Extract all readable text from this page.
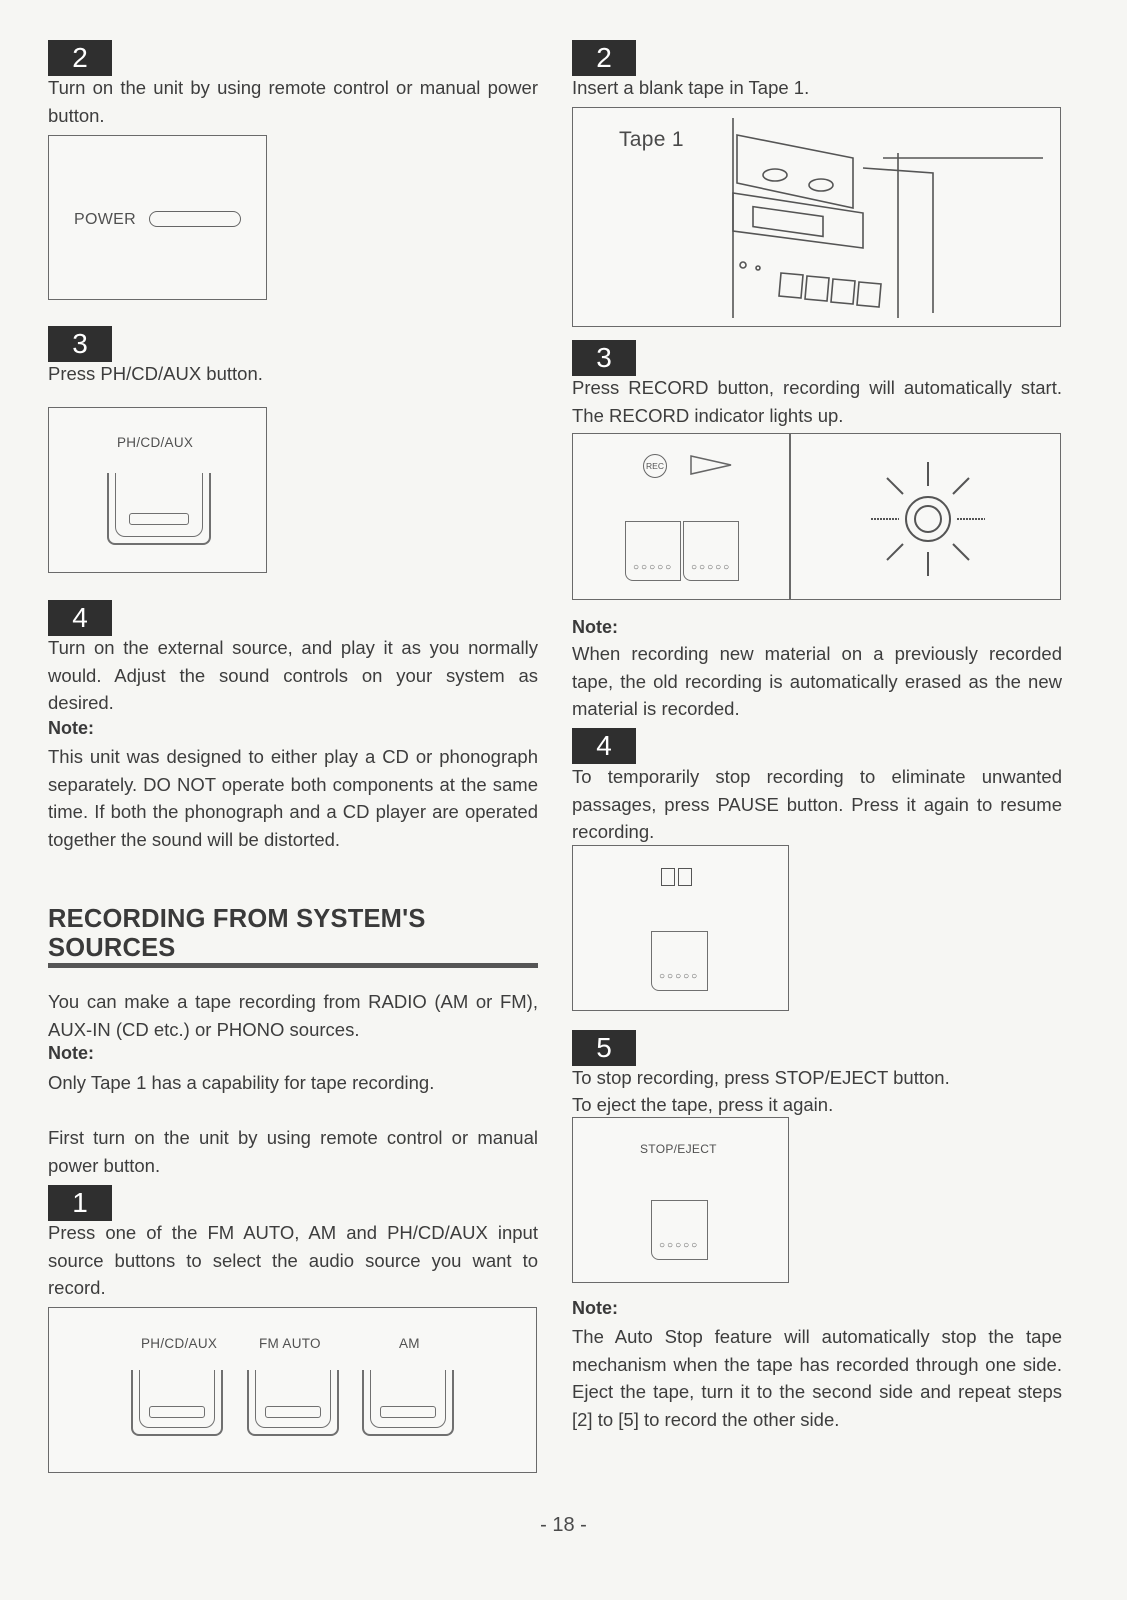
2
Turn on the unit by using remote control or manual power button.
POWER
3
Press PH/CD/AUX button.
PH/CD/AUX
4
Turn on the external source, and play it as you normally would. Adjust the sound controls on your system as desired.
Note:
This unit was designed to either play a CD or phonograph separately. DO NOT operate both components at the same time. If both the phonograph and a CD player are operated together the sound will be distorted.
RECORDING FROM SYSTEM'S
SOURCES
You can make a tape recording from RADIO (AM or FM), AUX-IN (CD etc.) or PHONO sources.
Note:
Only Tape 1 has a capability for tape recording.
First turn on the unit by using remote control or manual power button.
1
Press one of the FM AUTO, AM and PH/CD/AUX input source buttons to select the audio source you want to record.
PH/CD/AUX	FM AUTO	AM
2
Insert a blank tape in Tape 1.
Tape 1
3
Press RECORD button, recording will automatically start. The RECORD indicator lights up.
REC
○○○○○ ○○○○○
Note:
When recording new material on a previously recorded tape, the old recording is automatically erased as the new material is recorded.
4
To temporarily stop recording to eliminate unwanted passages, press PAUSE button. Press it again to resume recording.
○○○○○
5
To stop recording, press STOP/EJECT button.
To eject the tape, press it again.
STOP/EJECT
○○○○○
Note:
The Auto Stop feature will automatically stop the tape mechanism when the tape has recorded through one side. Eject the tape, turn it to the second side and repeat steps [2] to [5] to record the other side.
- 18 -
